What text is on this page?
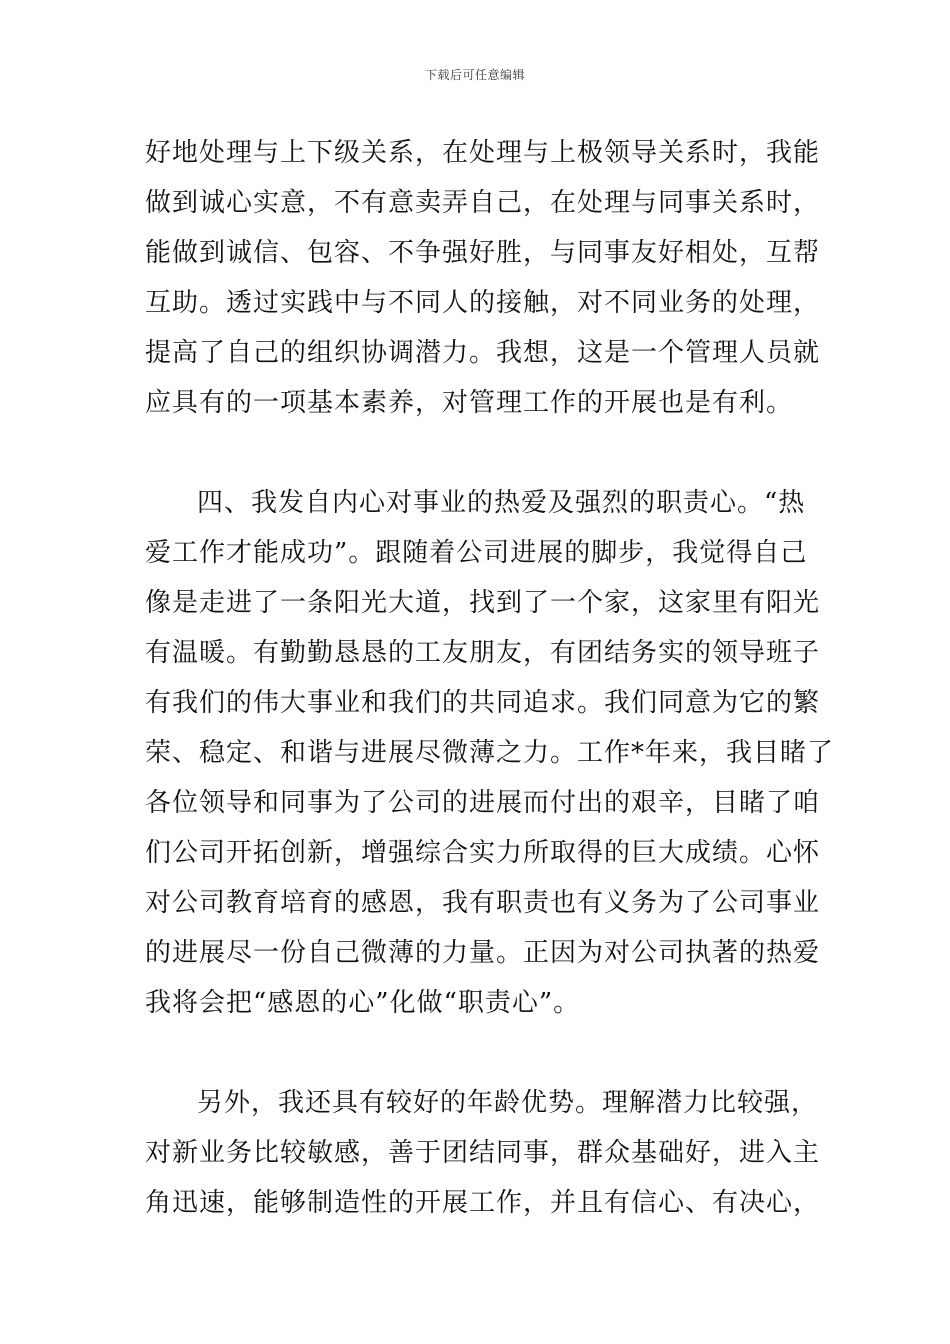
下载后可任意编辑
好地处理与上下级关系，在处理与上极领导关系时，我能
做到诚心实意，不有意卖弄自己，在处理与同事关系时，
能做到诚信、包容、不争强好胜，与同事友好相处，互帮
互助。透过实践中与不同人的接触，对不同业务的处理，
提高了自己的组织协调潜力。我想，这是一个管理人员就
应具有的一项基本素养，对管理工作的开展也是有利。
四、我发自内心对事业的热爱及强烈的职责心。“热
爱工作才能成功”。跟随着公司进展的脚步，我觉得自己
像是走进了一条阳光大道，找到了一个家，这家里有阳光
有温暖。有勤勤恳恳的工友朋友，有团结务实的领导班子
有我们的伟大事业和我们的共同追求。我们同意为它的繁
荣、稳定、和谐与进展尽微薄之力。工作*年来，我目睹了
各位领导和同事为了公司的进展而付出的艰辛，目睹了咱
们公司开拓创新，增强综合实力所取得的巨大成绩。心怀
对公司教育培育的感恩，我有职责也有义务为了公司事业
的进展尽一份自己微薄的力量。正因为对公司执著的热爱
我将会把“感恩的心”化做“职责心”。
另外，我还具有较好的年龄优势。理解潜力比较强，
对新业务比较敏感，善于团结同事，群众基础好，进入主
角迅速，能够制造性的开展工作，并且有信心、有决心，
